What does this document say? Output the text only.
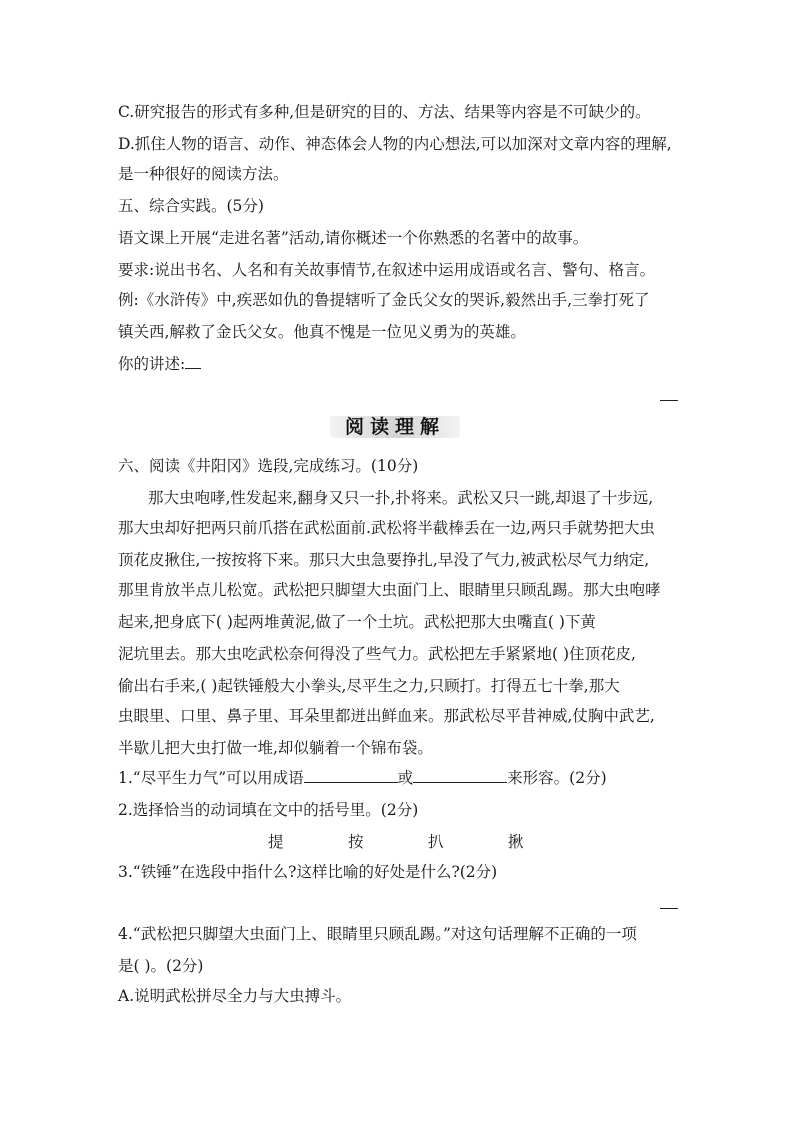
C.研究报告的形式有多种,但是研究的目的、方法、结果等内容是不可缺少的。
D.抓住人物的语言、动作、神态体会人物的内心想法,可以加深对文章内容的理解,
是一种很好的阅读方法。
五、综合实践。(5分)
语文课上开展“走进名著”活动,请你概述一个你熟悉的名著中的故事。
要求:说出书名、人名和有关故事情节,在叙述中运用成语或名言、警句、格言。
例:《水浒传》中,疾恶如仇的鲁提辖听了金氏父女的哭诉,毅然出手,三拳打死了
镇关西,解救了金氏父女。他真不愧是一位见义勇为的英雄。
你的讲述:
阅读理解
六、阅读《井阳冈》选段,完成练习。(10分)
那大虫咆哮,性发起来,翻身又只一扑,扑将来。武松又只一跳,却退了十步远,
那大虫却好把两只前爪搭在武松面前.武松将半截棒丢在一边,两只手就势把大虫
顶花皮揪住,一按按将下来。那只大虫急要挣扎,早没了气力,被武松尽气力纳定,
那里肯放半点儿松宽。武松把只脚望大虫面门上、眼睛里只顾乱踢。那大虫咆哮
起来,把身底下( )起两堆黄泥,做了一个土坑。武松把那大虫嘴直( )下黄
泥坑里去。那大虫吃武松奈何得没了些气力。武松把左手紧紧地( )住顶花皮,
偷出右手来,( )起铁锤般大小拳头,尽平生之力,只顾打。打得五七十拳,那大
虫眼里、口里、鼻子里、耳朵里都迸出鲜血来。那武松尽平昔神威,仗胸中武艺,
半歇儿把大虫打做一堆,却似躺着一个锦布袋。
1.“尽平生力气”可以用成语	或	来形容。(2分)
2.选择恰当的动词填在文中的括号里。(2分)
提	按	扒	揪
3.“铁锤”在选段中指什么?这样比喻的好处是什么?(2分)
4.“武松把只脚望大虫面门上、眼睛里只顾乱踢。”对这句话理解不正确的一项
是( )。(2分)
A.说明武松拼尽全力与大虫搏斗。
